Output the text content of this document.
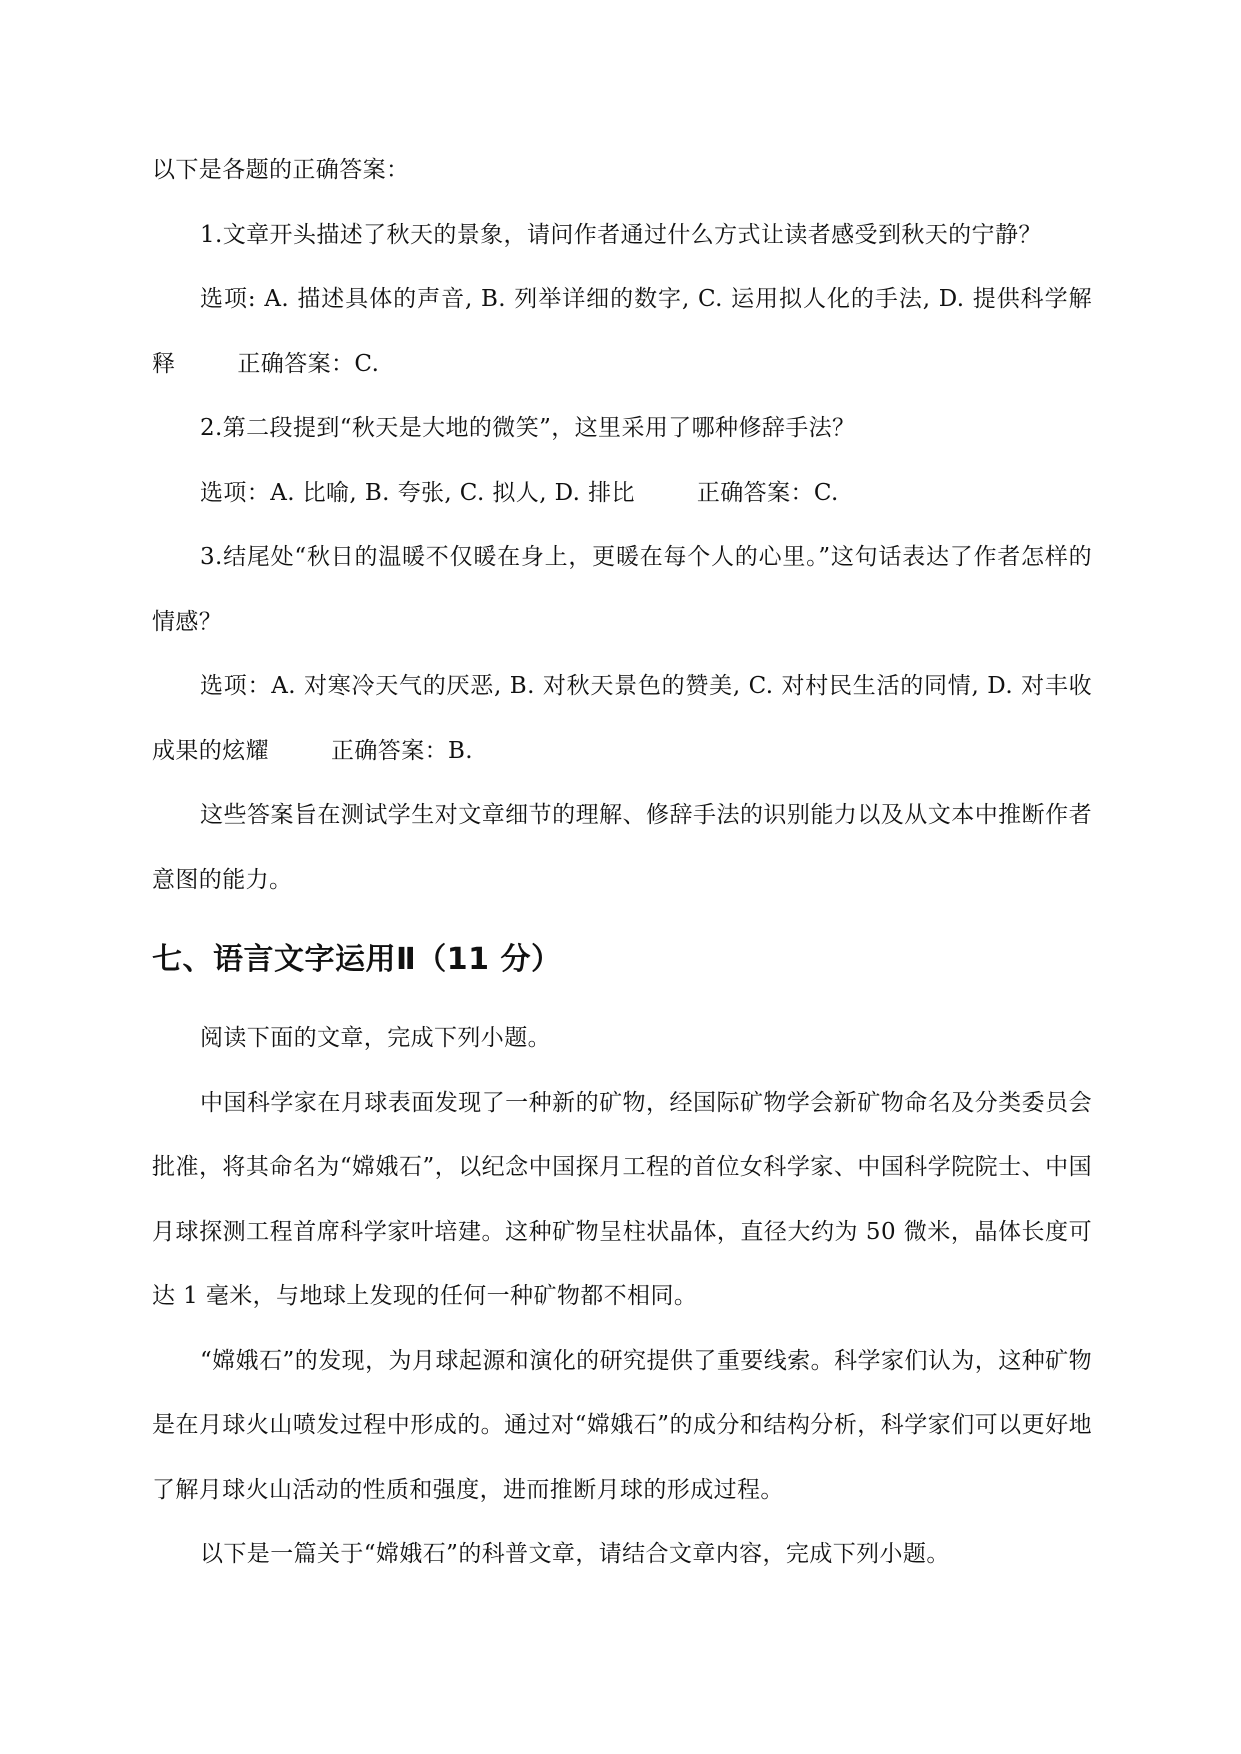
以下是各题的正确答案：

1.文章开头描述了秋天的景象，请问作者通过什么方式让读者感受到秋天的宁静？

选项: A. 描述具体的声音, B. 列举详细的数字, C. 运用拟人化的手法, D. 提供科学解释	正确答案：C.

2.第二段提到“秋天是大地的微笑”，这里采用了哪种修辞手法？

选项：A. 比喻, B. 夸张, C. 拟人, D. 排比	正确答案：C.

3.结尾处“秋日的温暖不仅暖在身上，更暖在每个人的心里。”这句话表达了作者怎样的情感？

选项：A. 对寒冷天气的厌恶, B. 对秋天景色的赞美, C. 对村民生活的同情, D. 对丰收成果的炫耀	正确答案：B.

这些答案旨在测试学生对文章细节的理解、修辞手法的识别能力以及从文本中推断作者意图的能力。

七、语言文字运用Ⅱ（11 分）

阅读下面的文章，完成下列小题。

中国科学家在月球表面发现了一种新的矿物，经国际矿物学会新矿物命名及分类委员会批准，将其命名为“嫦娥石”，以纪念中国探月工程的首位女科学家、中国科学院院士、中国月球探测工程首席科学家叶培建。这种矿物呈柱状晶体，直径大约为 50 微米，晶体长度可达 1 毫米，与地球上发现的任何一种矿物都不相同。

“嫦娥石”的发现，为月球起源和演化的研究提供了重要线索。科学家们认为，这种矿物是在月球火山喷发过程中形成的。通过对“嫦娥石”的成分和结构分析，科学家们可以更好地了解月球火山活动的性质和强度，进而推断月球的形成过程。

以下是一篇关于“嫦娥石”的科普文章，请结合文章内容，完成下列小题。
